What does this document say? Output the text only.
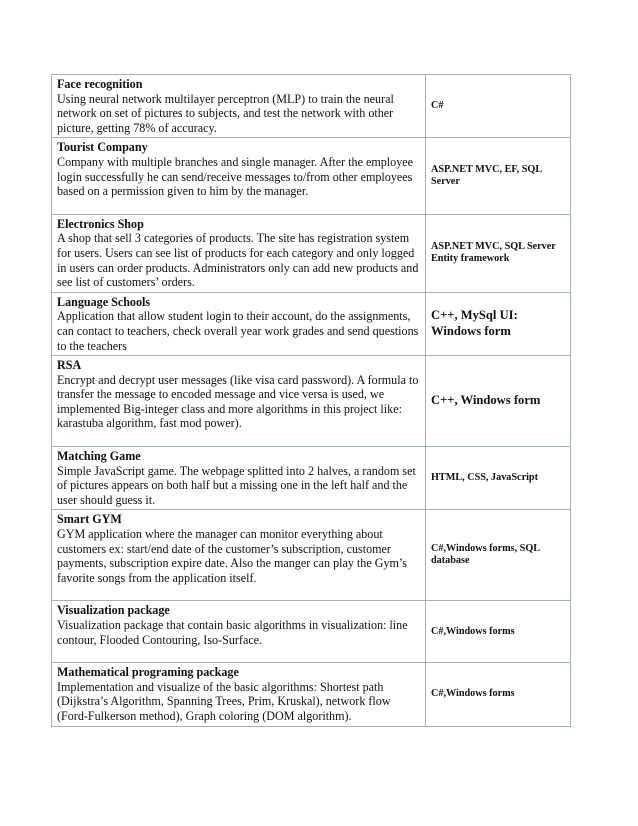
Face recognition
Using neural network multilayer perceptron (MLP) to train the neural network on set of pictures to subjects, and test the network with other picture, getting 78% of accuracy.	C#

Tourist Company
Company with multiple branches and single manager. After the employee login successfully he can send/receive messages to/from other employees based on a permission given to him by the manager.	ASP.NET MVC, EF, SQL Server

Electronics Shop
A shop that sell 3 categories of products. The site has registration system for users. Users can see list of products for each category and only logged in users can order products. Administrators only can add new products and see list of customers’ orders.	ASP.NET MVC, SQL Server Entity framework

Language Schools
Application that allow student login to their account, do the assignments, can contact to teachers, check overall year work grades and send questions to the teachers	C++, MySql UI: Windows form

RSA
Encrypt and decrypt user messages (like visa card password). A formula to transfer the message to encoded message and vice versa is used, we implemented Big-integer class and more algorithms in this project like: karastuba algorithm, fast mod power).	C++, Windows form

Matching Game
Simple JavaScript game. The webpage splitted into 2 halves, a random set of pictures appears on both half but a missing one in the left half and the user should guess it.	HTML, CSS, JavaScript

Smart GYM
GYM application where the manager can monitor everything about customers ex: start/end date of the customer’s subscription, customer payments, subscription expire date. Also the manger can play the Gym’s favorite songs from the application itself.	C#,Windows forms, SQL database

Visualization package
Visualization package that contain basic algorithms in visualization: line contour, Flooded Contouring, Iso-Surface.	C#,Windows forms

Mathematical programing package
Implementation and visualize of the basic algorithms: Shortest path (Dijkstra’s Algorithm, Spanning Trees, Prim, Kruskal), network flow (Ford-Fulkerson method), Graph coloring (DOM algorithm).	C#,Windows forms
